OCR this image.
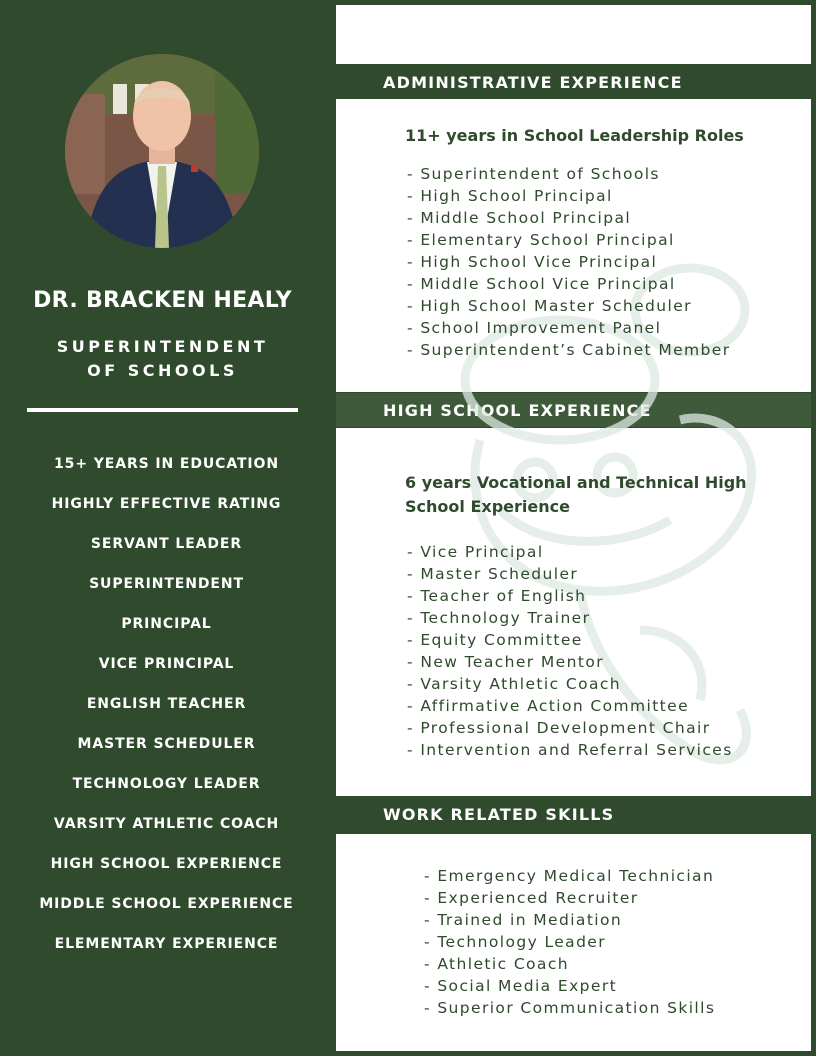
DR. BRACKEN HEALY
SUPERINTENDENT
OF SCHOOLS
15+ YEARS IN EDUCATION
HIGHLY EFFECTIVE RATING
SERVANT LEADER
SUPERINTENDENT
PRINCIPAL
VICE PRINCIPAL
ENGLISH TEACHER
MASTER SCHEDULER
TECHNOLOGY LEADER
VARSITY ATHLETIC COACH
HIGH SCHOOL EXPERIENCE
MIDDLE SCHOOL EXPERIENCE
ELEMENTARY EXPERIENCE
ADMINISTRATIVE EXPERIENCE
HIGH SCHOOL EXPERIENCE
WORK RELATED SKILLS
11+ years in School Leadership Roles
- Superintendent of Schools
- High School Principal
- Middle School Principal
- Elementary School Principal
- High School Vice Principal
- Middle School Vice Principal
- High School Master Scheduler
- School Improvement Panel
- Superintendent’s Cabinet Member
6 years Vocational and Technical High
School Experience
- Vice Principal
- Master Scheduler
- Teacher of English
- Technology Trainer
- Equity Committee
- New Teacher Mentor
- Varsity Athletic Coach
- Affirmative Action Committee
- Professional Development Chair
- Intervention and Referral Services
- Emergency Medical Technician
- Experienced Recruiter
- Trained in Mediation
- Technology Leader
- Athletic Coach
- Social Media Expert
- Superior Communication Skills
